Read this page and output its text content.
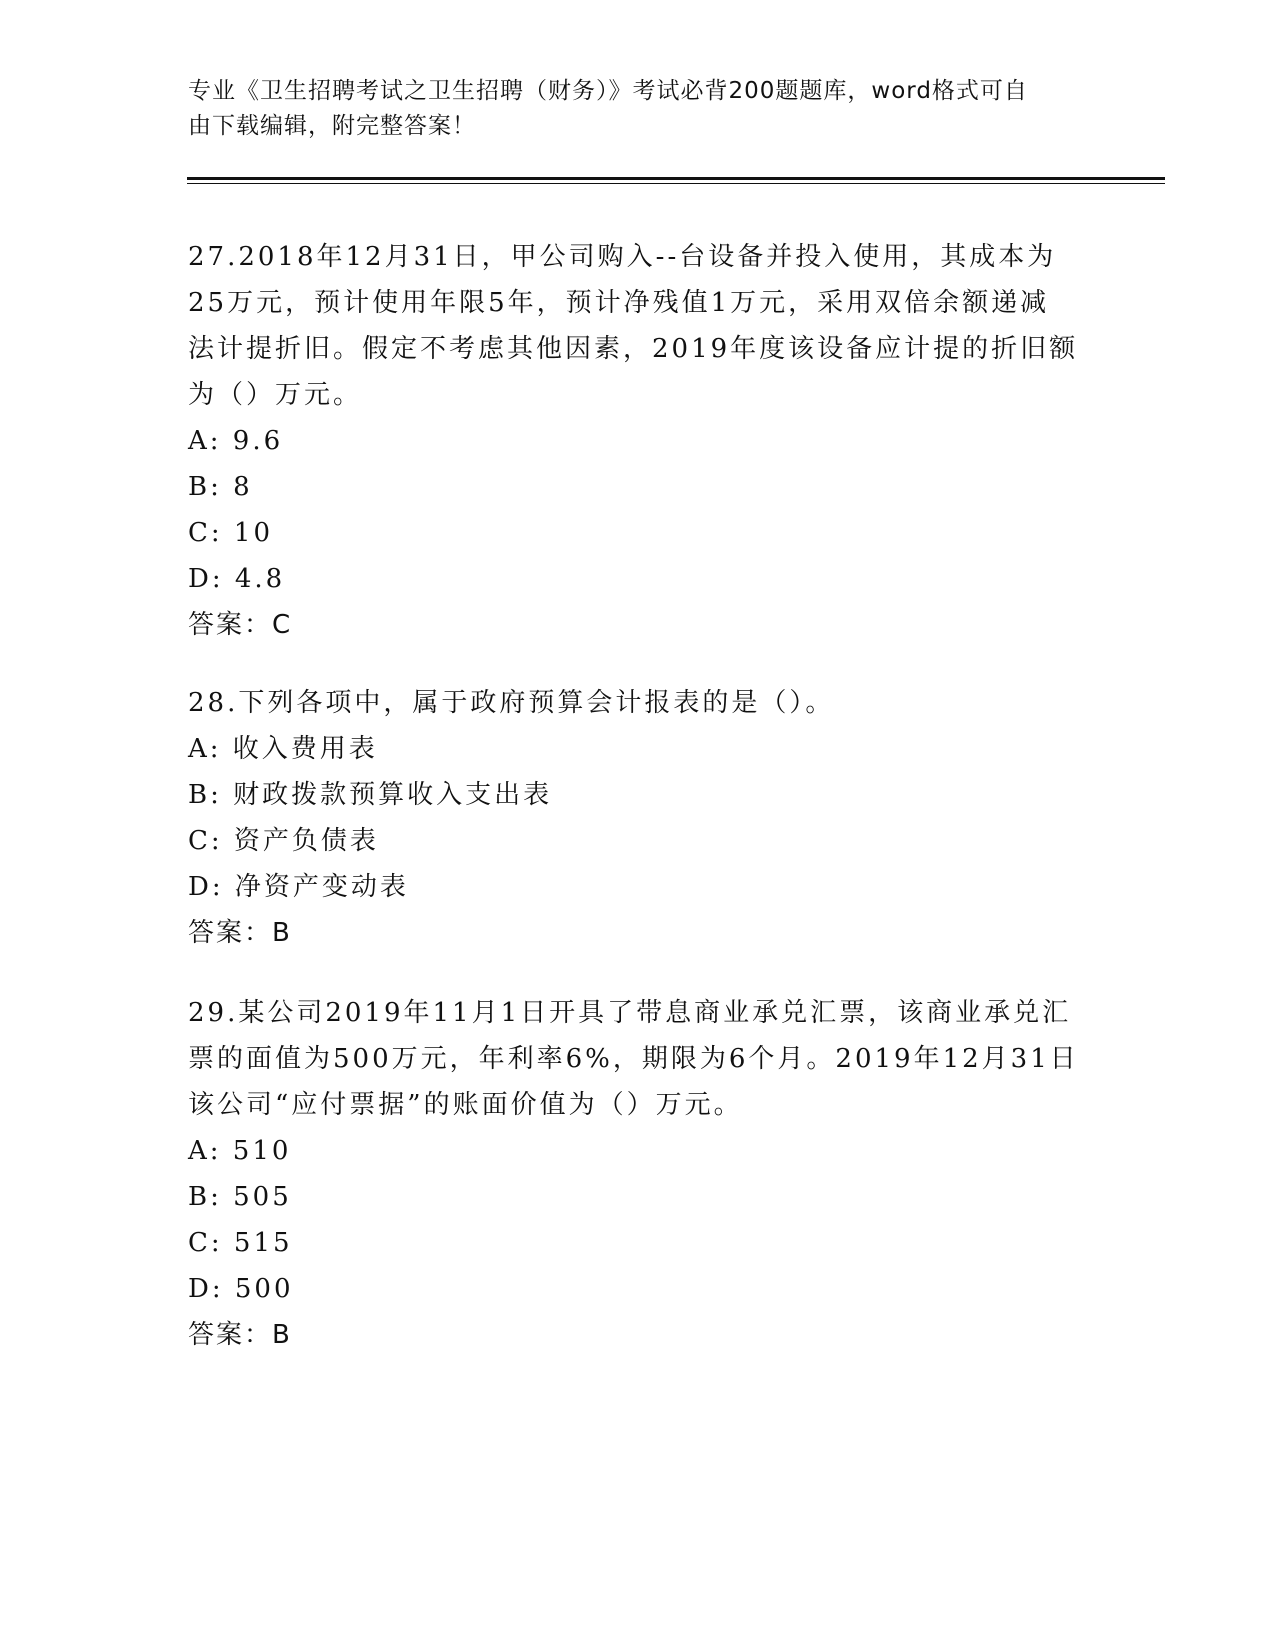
专业《卫生招聘考试之卫生招聘（财务）》考试必背200题题库，word格式可自
由下载编辑，附完整答案！

27.2018年12月31日，甲公司购入--台设备并投入使用，其成本为

25万元，预计使用年限5年，预计净残值1万元，采用双倍余额递减

法计提折旧。假定不考虑其他因素，2019年度该设备应计提的折旧额

为（）万元。

A: 9.6

B: 8

C: 10

D: 4.8

答案：C

28.下列各项中，属于政府预算会计报表的是（）。

A: 收入费用表

B: 财政拨款预算收入支出表

C: 资产负债表

D: 净资产变动表

答案：B

29.某公司2019年11月1日开具了带息商业承兑汇票，该商业承兑汇

票的面值为500万元，年利率6%，期限为6个月。2019年12月31日

该公司“应付票据”的账面价值为（）万元。

A: 510

B: 505

C: 515

D: 500

答案：B
